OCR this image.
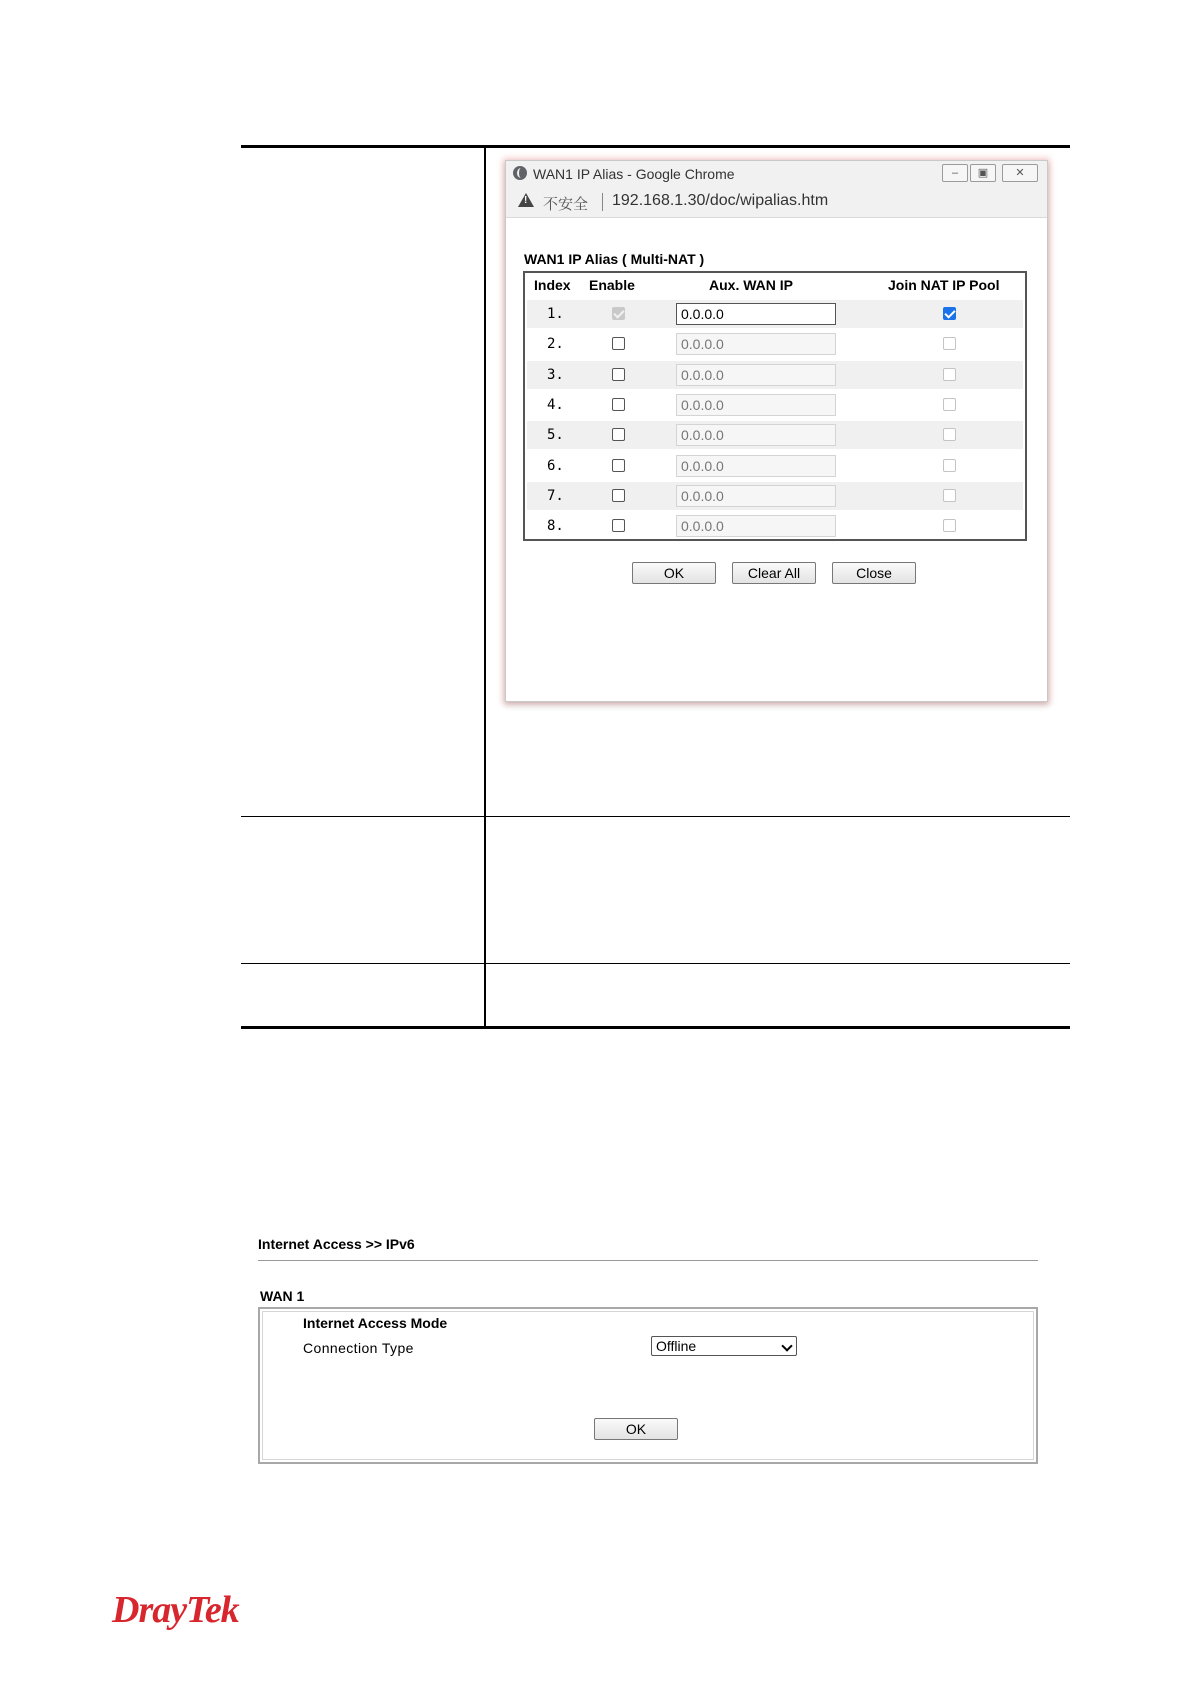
WAN1 IP Alias - Google Chrome	–	▣	✕
!
不安全 192.168.1.30/doc/wipalias.htm
WAN1 IP Alias ( Multi-NAT )
Index Enable	Aux. WAN IP	Join NAT IP Pool
1.	0.0.0.0
2.	0.0.0.0
3.	0.0.0.0
4.	0.0.0.0
5.	0.0.0.0
6.	0.0.0.0
7.	0.0.0.0
8.	0.0.0.0
OK	Clear All	Close
Internet Access >> IPv6
WAN 1
Internet Access Mode
Connection Type	Offline
OK
DrayTek
